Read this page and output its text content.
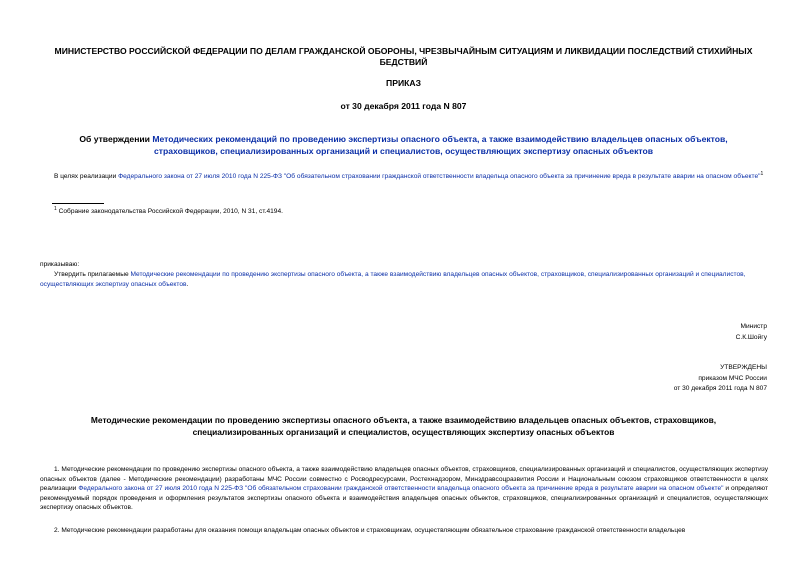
МИНИСТЕРСТВО РОССИЙСКОЙ ФЕДЕРАЦИИ ПО ДЕЛАМ ГРАЖДАНСКОЙ ОБОРОНЫ, ЧРЕЗВЫЧАЙНЫМ СИТУАЦИЯМ И ЛИКВИДАЦИИ ПОСЛЕДСТВИЙ СТИХИЙНЫХ БЕДСТВИЙ
ПРИКАЗ
от 30 декабря 2011 года N 807
Об утверждении Методических рекомендаций по проведению экспертизы опасного объекта, а также взаимодействию владельцев опасных объектов, страховщиков, специализированных организаций и специалистов, осуществляющих экспертизу опасных объектов
В целях реализации Федерального закона от 27 июля 2010 года N 225-ФЗ "Об обязательном страховании гражданской ответственности владельца опасного объекта за причинение вреда в результате аварии на опасном объекте"$^1$
$^1$ Собрание законодательства Российской Федерации, 2010, N 31, ст.4194.
приказываю:
Утвердить прилагаемые Методические рекомендации по проведению экспертизы опасного объекта, а также взаимодействию владельцев опасных объектов, страховщиков, специализированных организаций и специалистов, осуществляющих экспертизу опасных объектов.
Министр
С.К.Шойгу
УТВЕРЖДЕНЫ
приказом МЧС России
от 30 декабря 2011 года N 807
Методические рекомендации по проведению экспертизы опасного объекта, а также взаимодействию владельцев опасных объектов, страховщиков, специализированных организаций и специалистов, осуществляющих экспертизу опасных объектов
1. Методические рекомендации по проведению экспертизы опасного объекта, а также взаимодействию владельцев опасных объектов, страховщиков, специализированных организаций и специалистов, осуществляющих экспертизу опасных объектов (далее - Методические рекомендации) разработаны МЧС России совместно с Росводресурсами, Ростехнадзором, Минздравсоцразвития России и Национальным союзом страховщиков ответственности в целях реализации Федерального закона от 27 июля 2010 года N 225-ФЗ "Об обязательном страховании гражданской ответственности владельца опасного объекта за причинение вреда в результате аварии на опасном объекте" и определяют рекомендуемый порядок проведения и оформления результатов экспертизы опасного объекта и взаимодействия владельцев опасных объектов, страховщиков, специализированных организаций и специалистов, осуществляющих экспертизу опасных объектов.
2. Методические рекомендации разработаны для оказания помощи владельцам опасных объектов и страховщикам, осуществляющим обязательное страхование гражданской ответственности владельцев
